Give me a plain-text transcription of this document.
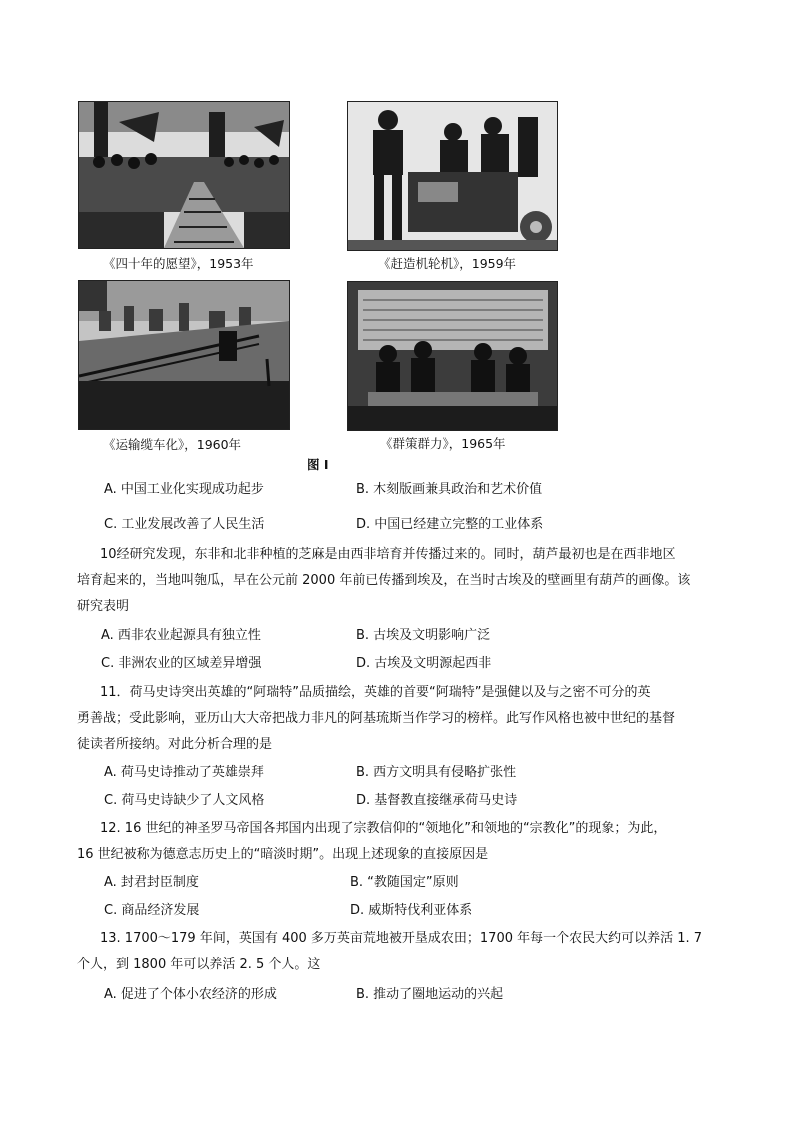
《四十年的愿望》，1953年	《赶造机轮机》，1959年
《运输缆车化》，1960年	《群策群力》，1965年
图 I
A. 中国工业化实现成功起步	B. 木刻版画兼具政治和艺术价值
C. 工业发展改善了人民生活	D. 中国已经建立完整的工业体系
10经研究发现，东非和北非种植的芝麻是由西非培育并传播过来的。同时，葫芦最初也是在西非地区
培育起来的，当地叫匏瓜，早在公元前 2000 年前已传播到埃及，在当时古埃及的壁画里有葫芦的画像。该
研究表明
A. 西非农业起源具有独立性	B. 古埃及文明影响广泛
C. 非洲农业的区域差异增强	D. 古埃及文明源起西非
11．荷马史诗突出英雄的“阿瑞特”品质描绘，英雄的首要“阿瑞特”是强健以及与之密不可分的英
勇善战；受此影响，亚历山大大帝把战力非凡的阿基琉斯当作学习的榜样。此写作风格也被中世纪的基督
徒读者所接纳。对此分析合理的是
A. 荷马史诗推动了英雄崇拜	B. 西方文明具有侵略扩张性
C. 荷马史诗缺少了人文风格	D. 基督教直接继承荷马史诗
12. 16 世纪的神圣罗马帝国各邦国内出现了宗教信仰的“领地化”和领地的“宗教化”的现象；为此，
16 世纪被称为德意志历史上的“暗淡时期”。出现上述现象的直接原因是
A. 封君封臣制度	B. “教随国定”原则
C. 商品经济发展	D. 威斯特伐利亚体系
13. 1700～179 年间，英国有 400 多万英亩荒地被开垦成农田；1700 年每一个农民大约可以养活 1. 7
个人，到 1800 年可以养活 2. 5 个人。这
A. 促进了个体小农经济的形成	B. 推动了圈地运动的兴起
